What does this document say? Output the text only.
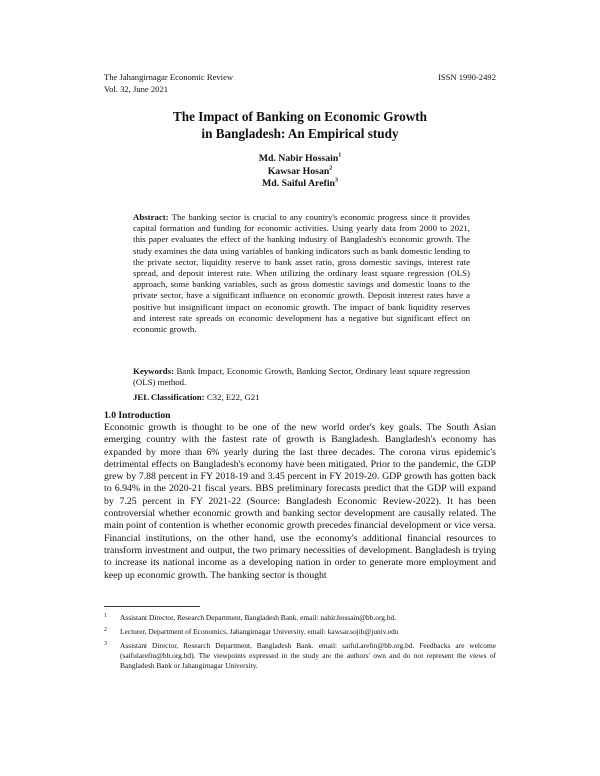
The Jahangirnagar Economic Review
Vol. 32, June 2021
ISSN 1990-2492
The Impact of Banking on Economic Growth
in Bangladesh: An Empirical study
Md. Nabir Hossain$^1$
Kawsar Hosan$^2$
Md. Saiful Arefin$^3$
Abstract: The banking sector is crucial to any country's economic progress since it provides capital formation and funding for economic activities. Using yearly data from 2000 to 2021, this paper evaluates the effect of the banking industry of Bangladesh's economic growth. The study examines the data using variables of banking indicators such as bank domestic lending to the private sector, liquidity reserve to bank asset ratio, gross domestic savings, interest rate spread, and deposit interest rate. When utilizing the ordinary least square regression (OLS) approach, some banking variables, such as gross domestic savings and domestic loans to the private sector, have a significant influence on economic growth. Deposit interest rates have a positive but insignificant impact on economic growth. The impact of bank liquidity reserves and interest rate spreads on economic development has a negative but significant effect on economic growth.
Keywords: Bank Impact, Economic Growth, Banking Sector, Ordinary least square regression (OLS) method.
JEL Classification: C32, E22, G21
1.0 Introduction
Economic growth is thought to be one of the new world order's key goals. The South Asian emerging country with the fastest rate of growth is Bangladesh. Bangladesh's economy has expanded by more than 6% yearly during the last three decades. The corona virus epidemic's detrimental effects on Bangladesh's economy have been mitigated. Prior to the pandemic, the GDP grew by 7.88 percent in FY 2018-19 and 3.45 percent in FY 2019-20. GDP growth has gotten back to 6.94% in the 2020-21 fiscal years. BBS preliminary forecasts predict that the GDP will expand by 7.25 percent in FY 2021-22 (Source: Bangladesh Economic Review-2022). It has been controversial whether economic growth and banking sector development are causally related. The main point of contention is whether economic growth precedes financial development or vice versa. Financial institutions, on the other hand, use the economy's additional financial resources to transform investment and output, the two primary necessities of development. Bangladesh is trying to increase its national income as a developing nation in order to generate more employment and keep up economic growth. The banking sector is thought
1 Assistant Director, Research Department, Bangladesh Bank. email: nabir.hossain@bb.org.bd.
2 Lecturer, Department of Economics, Jahangirnagar University. email: kawsar.sojib@juniv.edu
3 Assistant Director, Research Department, Bangladesh Bank. email: saiful.arefin@bb.org.bd. Feedbacks are welcome (saifularefin@bb.org.bd). The viewpoints expressed in the study are the authors' own and do not represent the views of Bangladesh Bank or Jahangirnagar University.
